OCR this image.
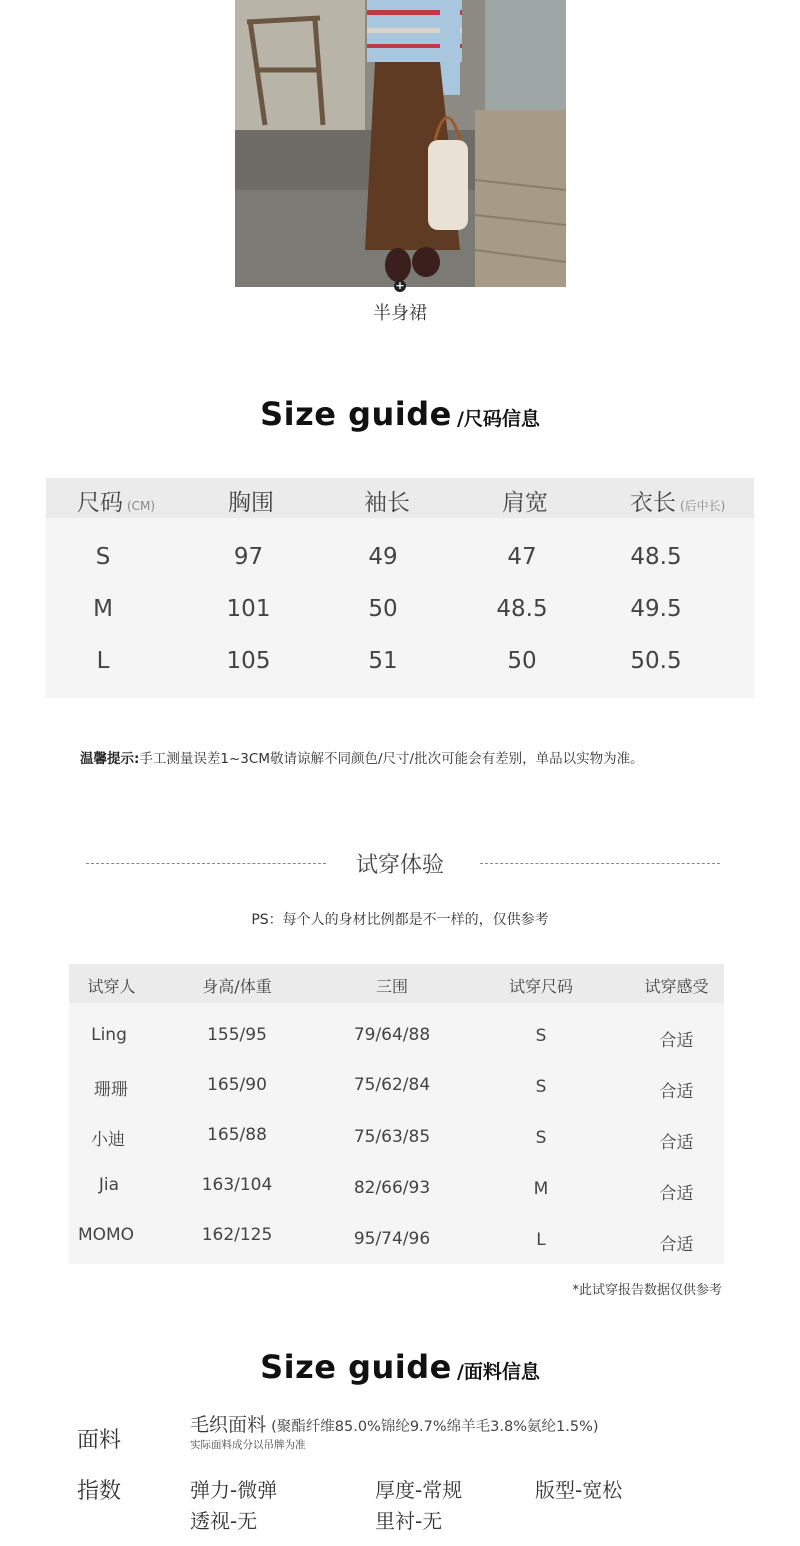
+
半身裙
Size guide /尺码信息
尺码 (CM)	胸围	袖长	肩宽	衣长 (后中长)
S	97	49	47	48.5
M	101	50	48.5	49.5
L	105	51	50	50.5
温馨提示:手工测量误差1~3CM敬请谅解不同颜色/尺寸/批次可能会有差别，单品以实物为准。
试穿体验
PS：每个人的身材比例都是不一样的，仅供参考
试穿人	身高/体重	三围	试穿尺码	试穿感受
Ling	155/95	79/64/88	S	合适
珊珊	165/90	75/62/84	S	合适
小迪	165/88	75/63/85	S	合适
Jia	163/104	82/66/93	M	合适
MOMO	162/125	95/74/96	L	合适
*此试穿报告数据仅供参考
Size guide /面料信息
面料
毛织面料 (聚酯纤维85.0%锦纶9.7%绵羊毛3.8%氨纶1.5%)
实际面料成分以吊牌为准
指数	弹力-微弹	厚度-常规	版型-宽松
透视-无	里衬-无
